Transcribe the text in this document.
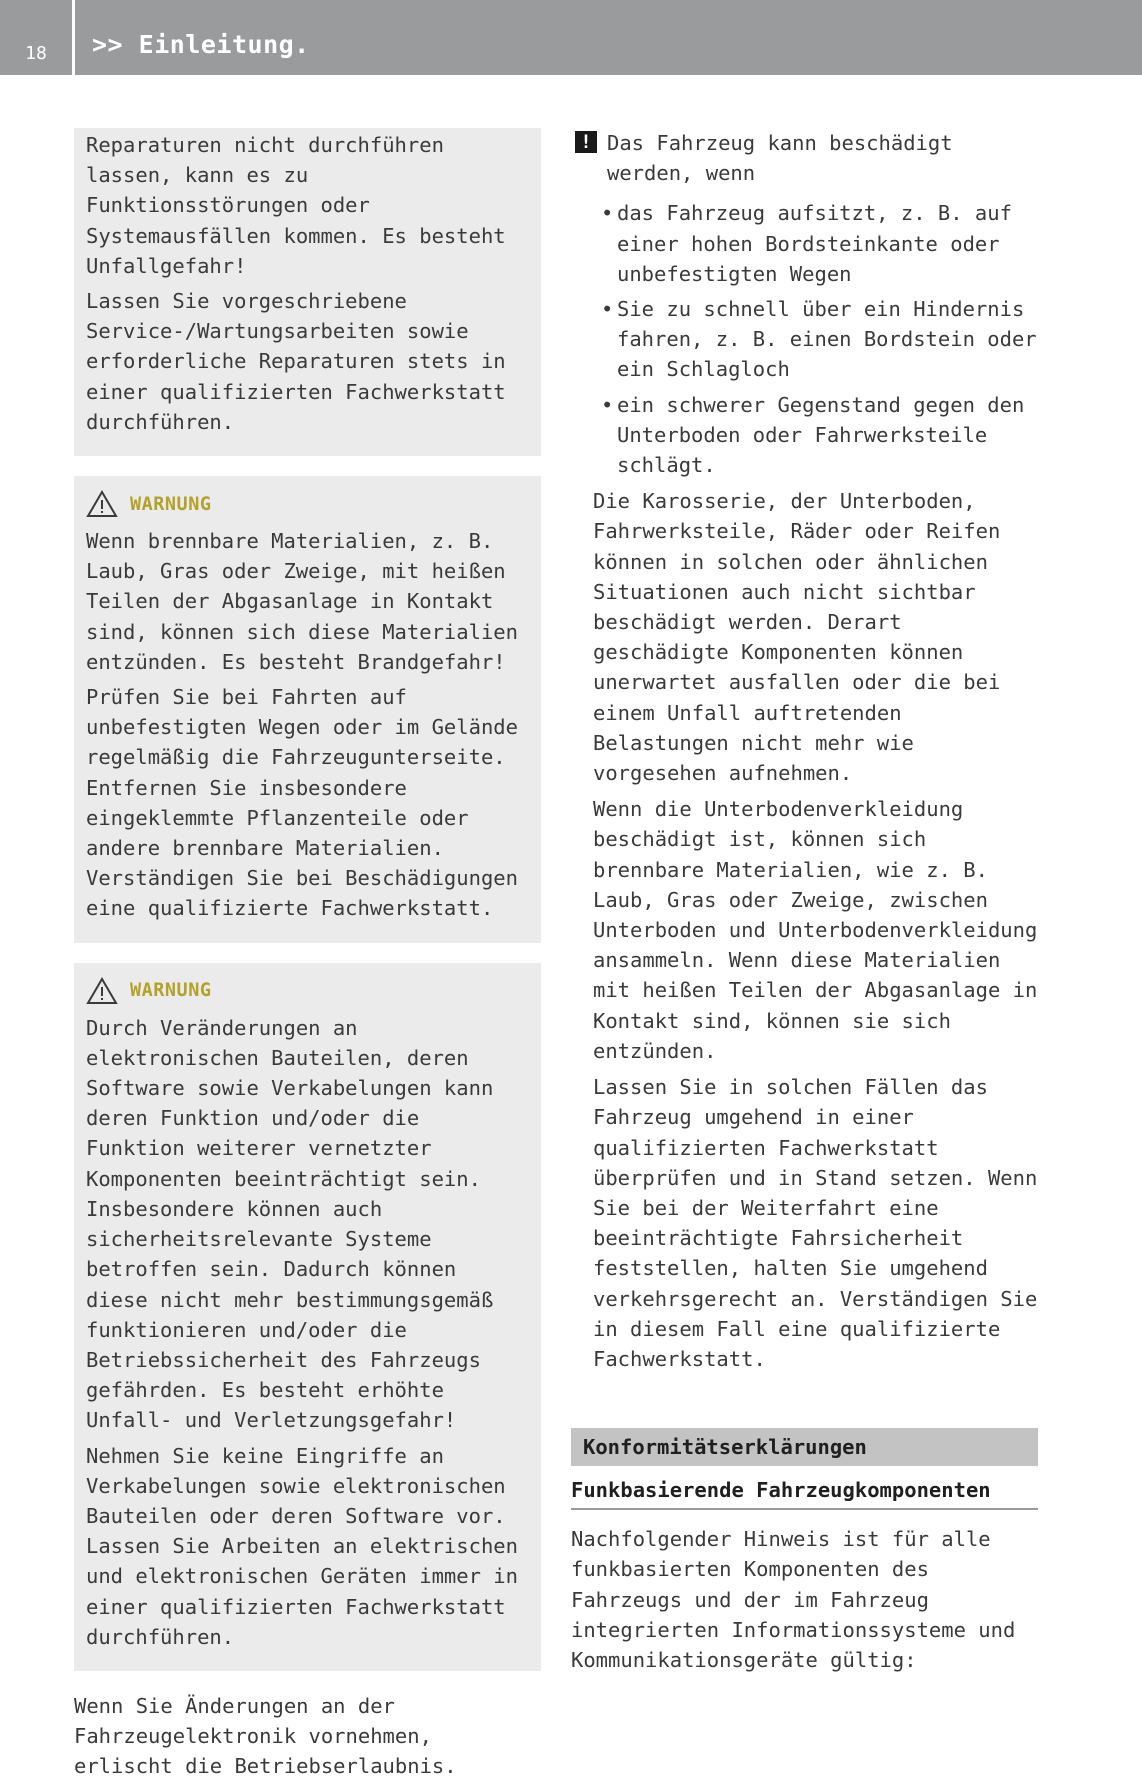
18	>> Einleitung.

Reparaturen nicht durchführen lassen, kann es zu Funktionsstörungen oder Systemausfällen kommen. Es besteht Unfallgefahr!

Lassen Sie vorgeschriebene Service-/Wartungsarbeiten sowie erforderliche Reparaturen stets in einer qualifizierten Fachwerkstatt durchführen.

WARNUNG

Wenn brennbare Materialien, z. B. Laub, Gras oder Zweige, mit heißen Teilen der Abgasanlage in Kontakt sind, können sich diese Materialien entzünden. Es besteht Brandgefahr!

Prüfen Sie bei Fahrten auf unbefestigten Wegen oder im Gelände regelmäßig die Fahrzeugunterseite. Entfernen Sie insbesondere eingeklemmte Pflanzenteile oder andere brennbare Materialien. Verständigen Sie bei Beschädigungen eine qualifizierte Fachwerkstatt.

WARNUNG

Durch Veränderungen an elektronischen Bauteilen, deren Software sowie Verkabelungen kann deren Funktion und/oder die Funktion weiterer vernetzter Komponenten beeinträchtigt sein. Insbesondere können auch sicherheitsrelevante Systeme betroffen sein. Dadurch können diese nicht mehr bestimmungsgemäß funktionieren und/oder die Betriebssicherheit des Fahrzeugs gefährden. Es besteht erhöhte Unfall- und Verletzungsgefahr!

Nehmen Sie keine Eingriffe an Verkabelungen sowie elektronischen Bauteilen oder deren Software vor. Lassen Sie Arbeiten an elektrischen und elektronischen Geräten immer in einer qualifizierten Fachwerkstatt durchführen.

Wenn Sie Änderungen an der Fahrzeugelektronik vornehmen, erlischt die Betriebserlaubnis.

! Das Fahrzeug kann beschädigt werden, wenn

• das Fahrzeug aufsitzt, z. B. auf einer hohen Bordsteinkante oder unbefestigten Wegen
• Sie zu schnell über ein Hindernis fahren, z. B. einen Bordstein oder ein Schlagloch
• ein schwerer Gegenstand gegen den Unterboden oder Fahrwerksteile schlägt.

Die Karosserie, der Unterboden, Fahrwerksteile, Räder oder Reifen können in solchen oder ähnlichen Situationen auch nicht sichtbar beschädigt werden. Derart geschädigte Komponenten können unerwartet ausfallen oder die bei einem Unfall auftretenden Belastungen nicht mehr wie vorgesehen aufnehmen.

Wenn die Unterbodenverkleidung beschädigt ist, können sich brennbare Materialien, wie z. B. Laub, Gras oder Zweige, zwischen Unterboden und Unterbodenverkleidung ansammeln. Wenn diese Materialien mit heißen Teilen der Abgasanlage in Kontakt sind, können sie sich entzünden.

Lassen Sie in solchen Fällen das Fahrzeug umgehend in einer qualifizierten Fachwerkstatt überprüfen und in Stand setzen. Wenn Sie bei der Weiterfahrt eine beeinträchtigte Fahrsicherheit feststellen, halten Sie umgehend verkehrsgerecht an. Verständigen Sie in diesem Fall eine qualifizierte Fachwerkstatt.

Konformitätserklärungen
Funkbasierende Fahrzeugkomponenten

Nachfolgender Hinweis ist für alle funkbasierten Komponenten des Fahrzeugs und der im Fahrzeug integrierten Informationssysteme und Kommunikationsgeräte gültig:
